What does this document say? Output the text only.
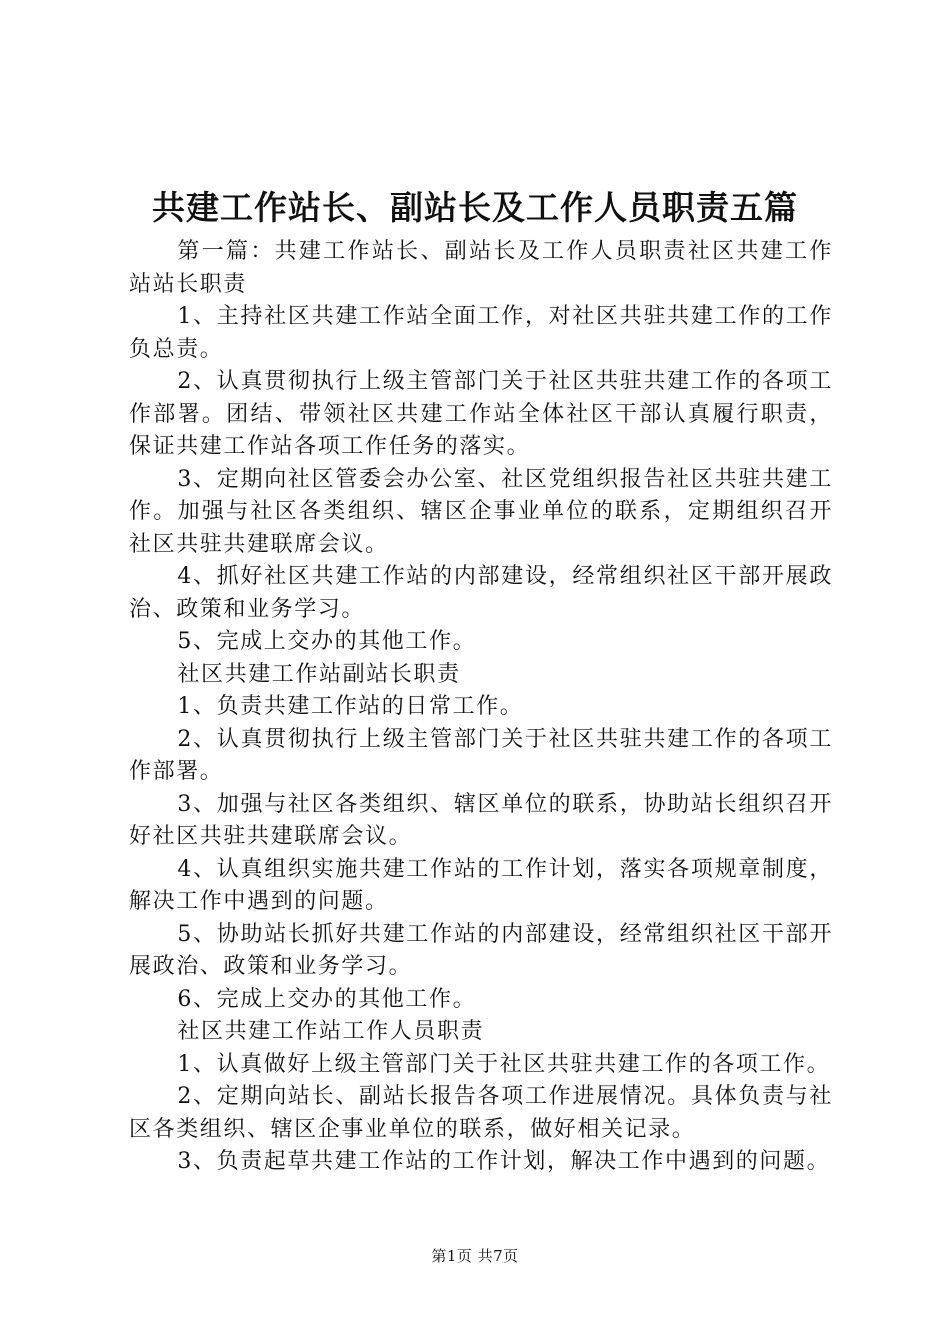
共建工作站长、副站长及工作人员职责五篇

第一篇：共建工作站长、副站长及工作人员职责社区共建工作站站长职责

1、主持社区共建工作站全面工作，对社区共驻共建工作的工作负总责。

2、认真贯彻执行上级主管部门关于社区共驻共建工作的各项工作部署。团结、带领社区共建工作站全体社区干部认真履行职责，保证共建工作站各项工作任务的落实。

3、定期向社区管委会办公室、社区党组织报告社区共驻共建工作。加强与社区各类组织、辖区企事业单位的联系，定期组织召开社区共驻共建联席会议。

4、抓好社区共建工作站的内部建设，经常组织社区干部开展政治、政策和业务学习。

5、完成上交办的其他工作。

社区共建工作站副站长职责

1、负责共建工作站的日常工作。

2、认真贯彻执行上级主管部门关于社区共驻共建工作的各项工作部署。

3、加强与社区各类组织、辖区单位的联系，协助站长组织召开好社区共驻共建联席会议。

4、认真组织实施共建工作站的工作计划，落实各项规章制度，解决工作中遇到的问题。

5、协助站长抓好共建工作站的内部建设，经常组织社区干部开展政治、政策和业务学习。

6、完成上交办的其他工作。

社区共建工作站工作人员职责

1、认真做好上级主管部门关于社区共驻共建工作的各项工作。

2、定期向站长、副站长报告各项工作进展情况。具体负责与社区各类组织、辖区企事业单位的联系，做好相关记录。

3、负责起草共建工作站的工作计划，解决工作中遇到的问题。

第1页 共7页
